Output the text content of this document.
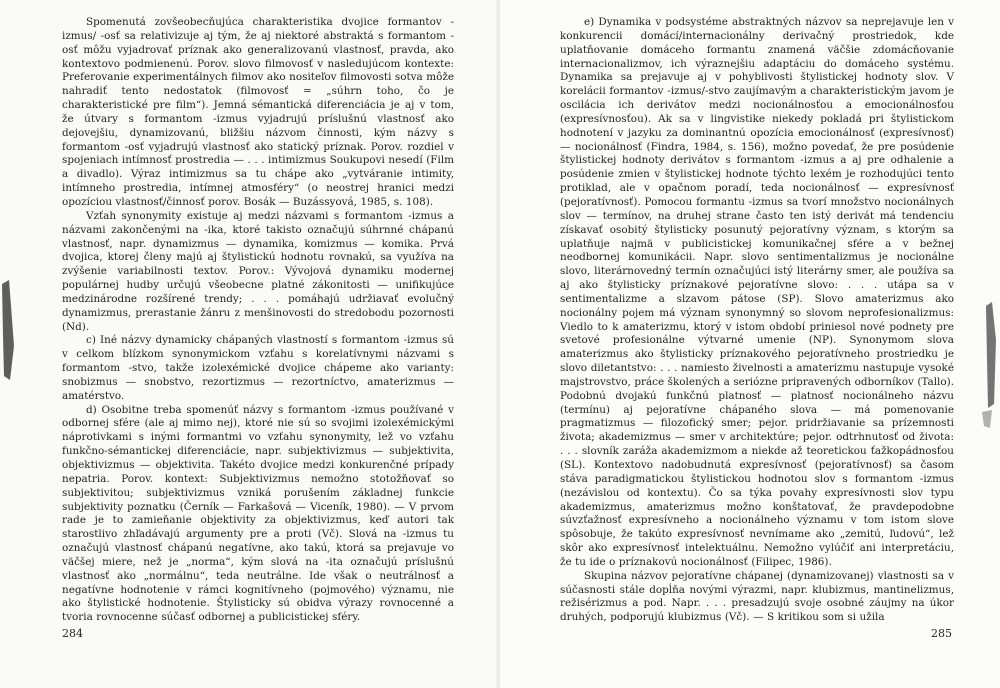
Spomenutá zovšeobecňujúca charakteristika dvojice formantov -izmus/ -osť sa relativizuje aj tým, že aj niektoré abstraktá s formantom -osť môžu vyjadrovať príznak ako generalizovanú vlastnosť, pravda, ako kontextovo podmienenú. Porov. slovo filmovosť v nasledujúcom kontexte: Preferovanie experimentálnych filmov ako nositeľov filmovosti sotva môže nahradiť tento nedostatok (filmovosť = „súhrn toho, čo je charakteristické pre film“). Jemná sémantická diferenciácia je aj v tom, že útvary s formantom -izmus vyjadrujú príslušnú vlastnosť ako dejovejšiu, dynamizovanú, bližšiu názvom činnosti, kým názvy s formantom -osť vyjadrujú vlastnosť ako statický príznak. Porov. rozdiel v spojeniach intímnosť prostredia — . . . intimizmus Soukupovi nesedí (Film a divadlo). Výraz intimizmus sa tu chápe ako „vytváranie intimity, intímneho prostredia, intímnej atmosféry“ (o neostrej hranici medzi opozíciou vlastnosť/činnosť porov. Bosák — Buzássyová, 1985, s. 108).

Vzťah synonymity existuje aj medzi názvami s formantom -izmus a názvami zakončenými na -ika, ktoré takisto označujú súhrnné chápanú vlastnosť, napr. dynamizmus — dynamika, komizmus — komika. Prvá dvojica, ktorej členy majú aj štylistickú hodnotu rovnakú, sa využíva na zvýšenie variabilnosti textov. Porov.: Vývojová dynamiku modernej populárnej hudby určujú všeobecne platné zákonitosti — unifikujúce medzinárodne rozšírené trendy; . . . pomáhajú udržiavať evolučný dynamizmus, prerastanie žánru z menšinovosti do stredobodu pozornosti (Nd).

c) Iné názvy dynamicky chápaných vlastností s formantom -izmus sú v celkom blízkom synonymickom vzťahu s korelatívnymi názvami s formantom -stvo, takže izolexémické dvojice chápeme ako varianty: snobizmus — snobstvo, rezortizmus — rezortníctvo, amaterizmus — amatérstvo.

d) Osobitne treba spomenúť názvy s formantom -izmus používané v odbornej sfére (ale aj mimo nej), ktoré nie sú so svojimi izolexémickými náprotivkami s inými formantmi vo vzťahu synonymity, lež vo vzťahu funkčno-sémantickej diferenciácie, napr. subjektivizmus — subjektivita, objektivizmus — objektivita. Takéto dvojice medzi konkurenčné prípady nepatria. Porov. kontext: Subjektivizmus nemožno stotožňovať so subjektivitou; subjektivizmus vzniká porušením základnej funkcie subjektivity poznatku (Černík — Farkašová — Viceník, 1980). — V prvom rade je to zamieňanie objektivity za objektivizmus, keď autori tak starostlivo zhľadávajú argumenty pre a proti (Vč). Slová na -izmus tu označujú vlastnosť chápanú negatívne, ako takú, ktorá sa prejavuje vo väčšej miere, než je „norma“, kým slová na -ita označujú príslušnú vlastnosť ako „normálnu“, teda neutrálne. Ide však o neutrálnosť a negatívne hodnotenie v rámci kognitívneho (pojmového) významu, nie ako štylistické hodnotenie. Štylisticky sú obidva výrazy rovnocenné a tvoria rovnocenne súčasť odbornej a publicistickej sféry.

284

e) Dynamika v podsystéme abstraktných názvov sa neprejavuje len v konkurencii domácí/internacionálny derivačný prostriedok, kde uplatňovanie domáceho formantu znamená väčšie zdomácňovanie internacionalizmov, ich výraznejšiu adaptáciu do domáceho systému. Dynamika sa prejavuje aj v pohyblivosti štylistickej hodnoty slov. V korelácii formantov -izmus/-stvo zaujímavým a charakteristickým javom je oscilácia ich derivátov medzi nocionálnosťou a emocionálnosťou (expresívnosťou). Ak sa v lingvistike niekedy pokladá pri štylistickom hodnotení v jazyku za dominantnú opozícia emocionálnosť (expresívnosť) — nocionálnosť (Findra, 1984, s. 156), možno povedať, že pre posúdenie štylistickej hodnoty derivátov s formantom -izmus a aj pre odhalenie a posúdenie zmien v štylistickej hodnote týchto lexém je rozhodujúci tento protiklad, ale v opačnom poradí, teda nocionálnosť — expresívnosť (pejoratívnosť). Pomocou formantu -izmus sa tvorí množstvo nocionálnych slov — termínov, na druhej strane často ten istý derivát má tendenciu získavať osobitý štylisticky posunutý pejoratívny význam, s ktorým sa uplatňuje najmä v publicistickej komunikačnej sfére a v bežnej neodbornej komunikácii. Napr. slovo sentimentalizmus je nocionálne slovo, literárnovedný termín označujúci istý literárny smer, ale používa sa aj ako štylisticky príznakové pejoratívne slovo: . . . utápa sa v sentimentalizme a slzavom pátose (SP). Slovo amaterizmus ako nocionálny pojem má význam synonymný so slovom neprofesionalizmus: Viedlo to k amaterizmu, ktorý v istom období priniesol nové podnety pre svetové profesionálne výtvarné umenie (NP). Synonymom slova amaterizmus ako štylisticky príznakového pejoratívneho prostriedku je slovo diletantstvo: . . . namiesto živelnosti a amaterizmu nastupuje vysoké majstrovstvo, práce školených a seriózne pripravených odborníkov (Tallo). Podobnú dvojakú funkčnú platnosť — platnosť nocionálneho názvu (termínu) aj pejoratívne chápaného slova — má pomenovanie pragmatizmus — filozofický smer; pejor. pridržiavanie sa prízemnosti života; akademizmus — smer v architektúre; pejor. odtrhnutosť od života: . . . slovník zaráža akademizmom a niekde až teoretickou ťažkopádnosťou (SL). Kontextovo nadobudnutá expresívnosť (pejoratívnosť) sa časom stáva paradigmatickou štylistickou hodnotou slov s formantom -izmus (nezávislou od kontextu). Čo sa týka povahy expresívnosti slov typu akademizmus, amaterizmus možno konštatovať, že pravdepodobne súvzťažnosť expresívneho a nocionálneho významu v tom istom slove spôsobuje, že takúto expresívnosť nevnímame ako „zemitú, ľudovú“, lež skôr ako expresívnosť intelektuálnu. Nemožno vylúčiť ani interpretáciu, že tu ide o príznakovú nocionálnosť (Filipec, 1986).

Skupina názvov pejoratívne chápanej (dynamizovanej) vlastnosti sa v súčasnosti stále dopĺňa novými výrazmi, napr. klubizmus, mantinelizmus, režisérizmus a pod. Napr. . . . presadzujú svoje osobné záujmy na úkor druhých, podporujú klubizmus (Vč). — S kritikou som si užila

285
